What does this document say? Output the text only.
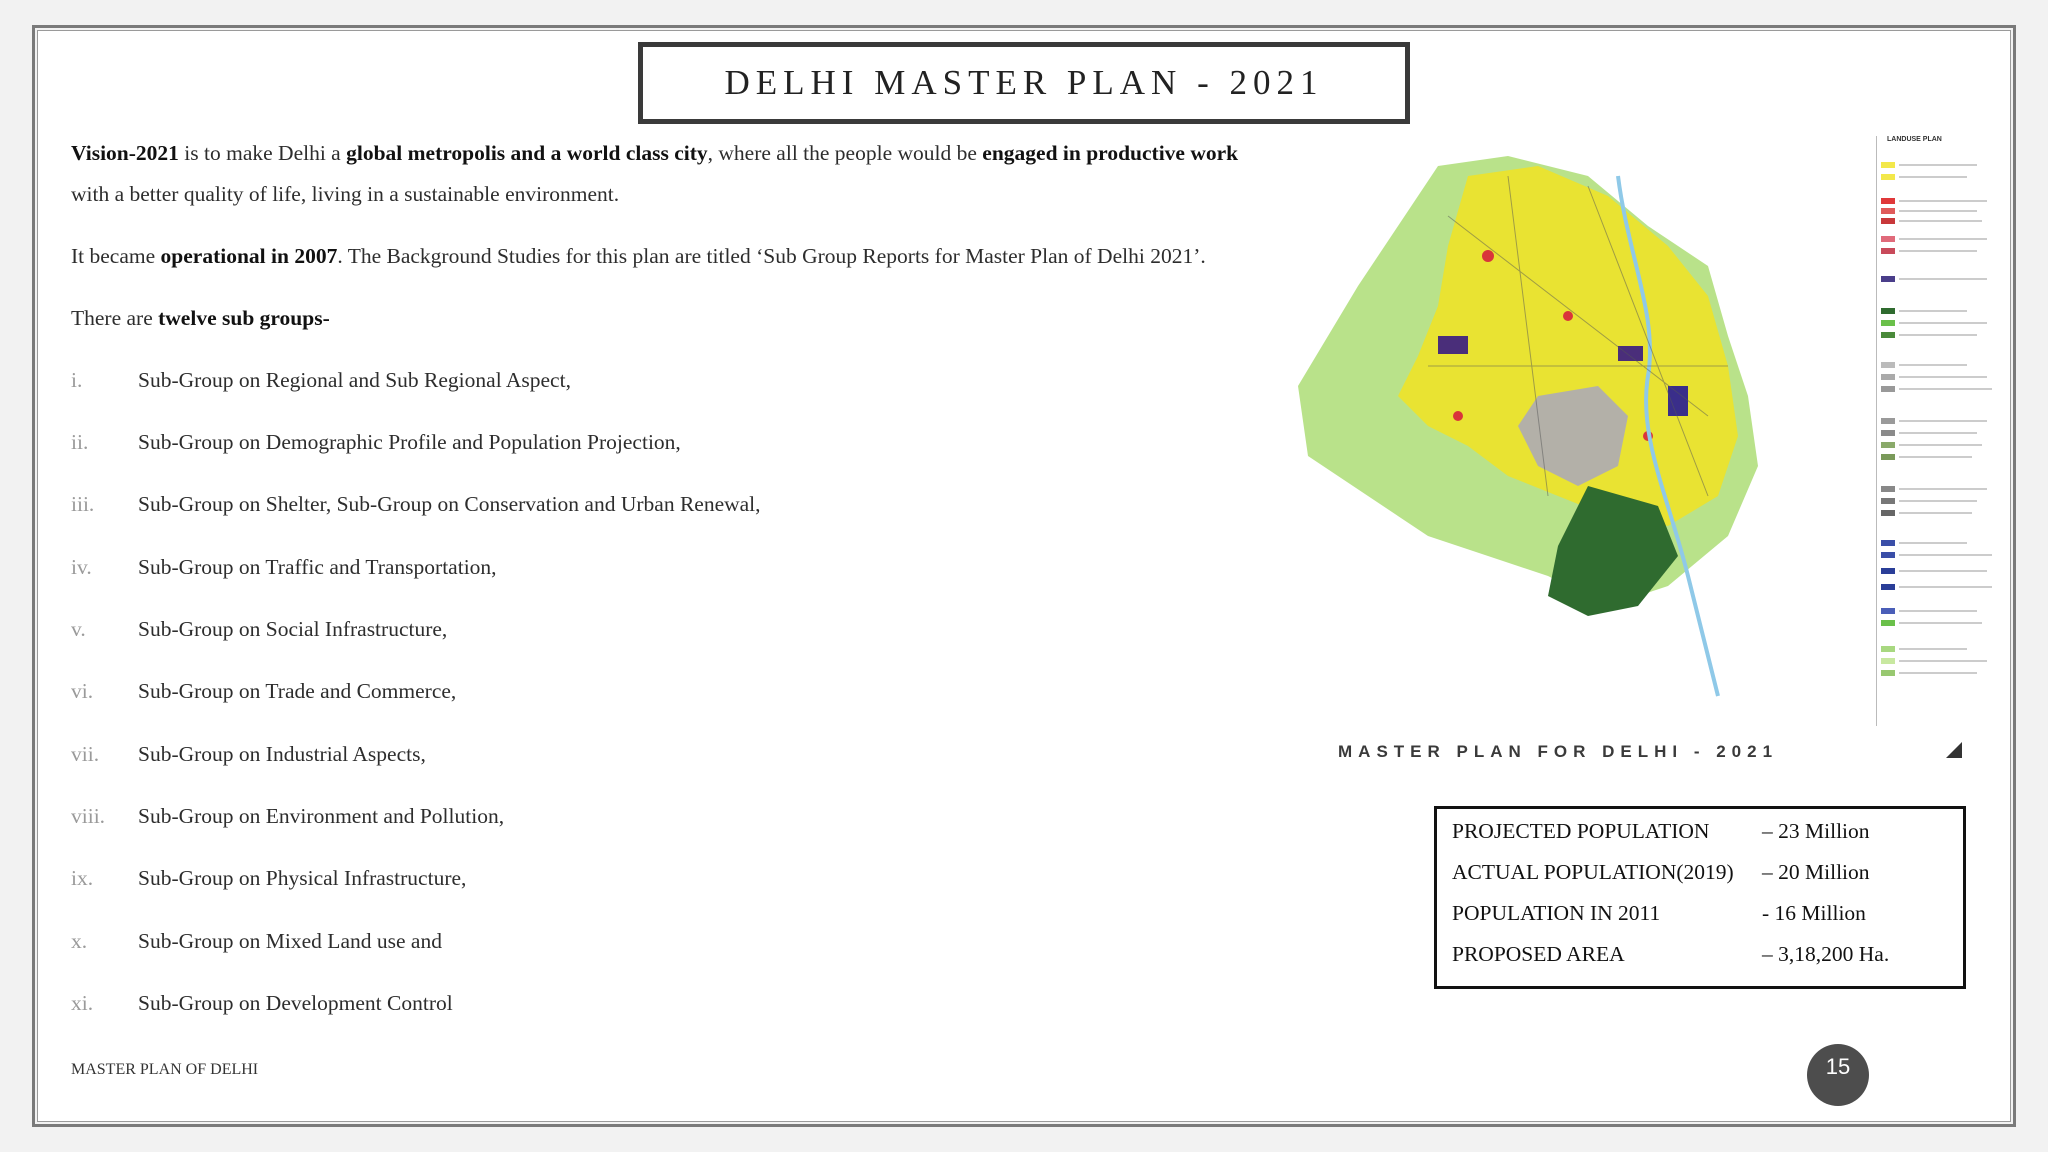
DELHI MASTER PLAN - 2021
Vision-2021 is to make Delhi a global metropolis and a world class city, where all the people would be engaged in productive work with a better quality of life, living in a sustainable environment.
It became operational in 2007. The Background Studies for this plan are titled ‘Sub Group Reports for Master Plan of Delhi 2021’.
There are twelve sub groups-
i.	Sub-Group on Regional and Sub Regional Aspect,
ii.	Sub-Group on Demographic Profile and Population Projection,
iii.	Sub-Group on Shelter, Sub-Group on Conservation and Urban Renewal,
iv.	Sub-Group on Traffic and Transportation,
v.	Sub-Group on Social Infrastructure,
vi.	Sub-Group on Trade and Commerce,
vii.	Sub-Group on Industrial Aspects,
viii.	Sub-Group on Environment and Pollution,
ix.	Sub-Group on Physical Infrastructure,
x.	Sub-Group on Mixed Land use and
xi.	Sub-Group on Development Control
LANDUSE PLAN
MASTER PLAN FOR DELHI - 2021
PROJECTED POPULATION – 23 Million
ACTUAL POPULATION(2019) – 20 Million
POPULATION IN 2011	- 16 Million
PROPOSED AREA	– 3,18,200 Ha.
MASTER PLAN OF DELHI	15
